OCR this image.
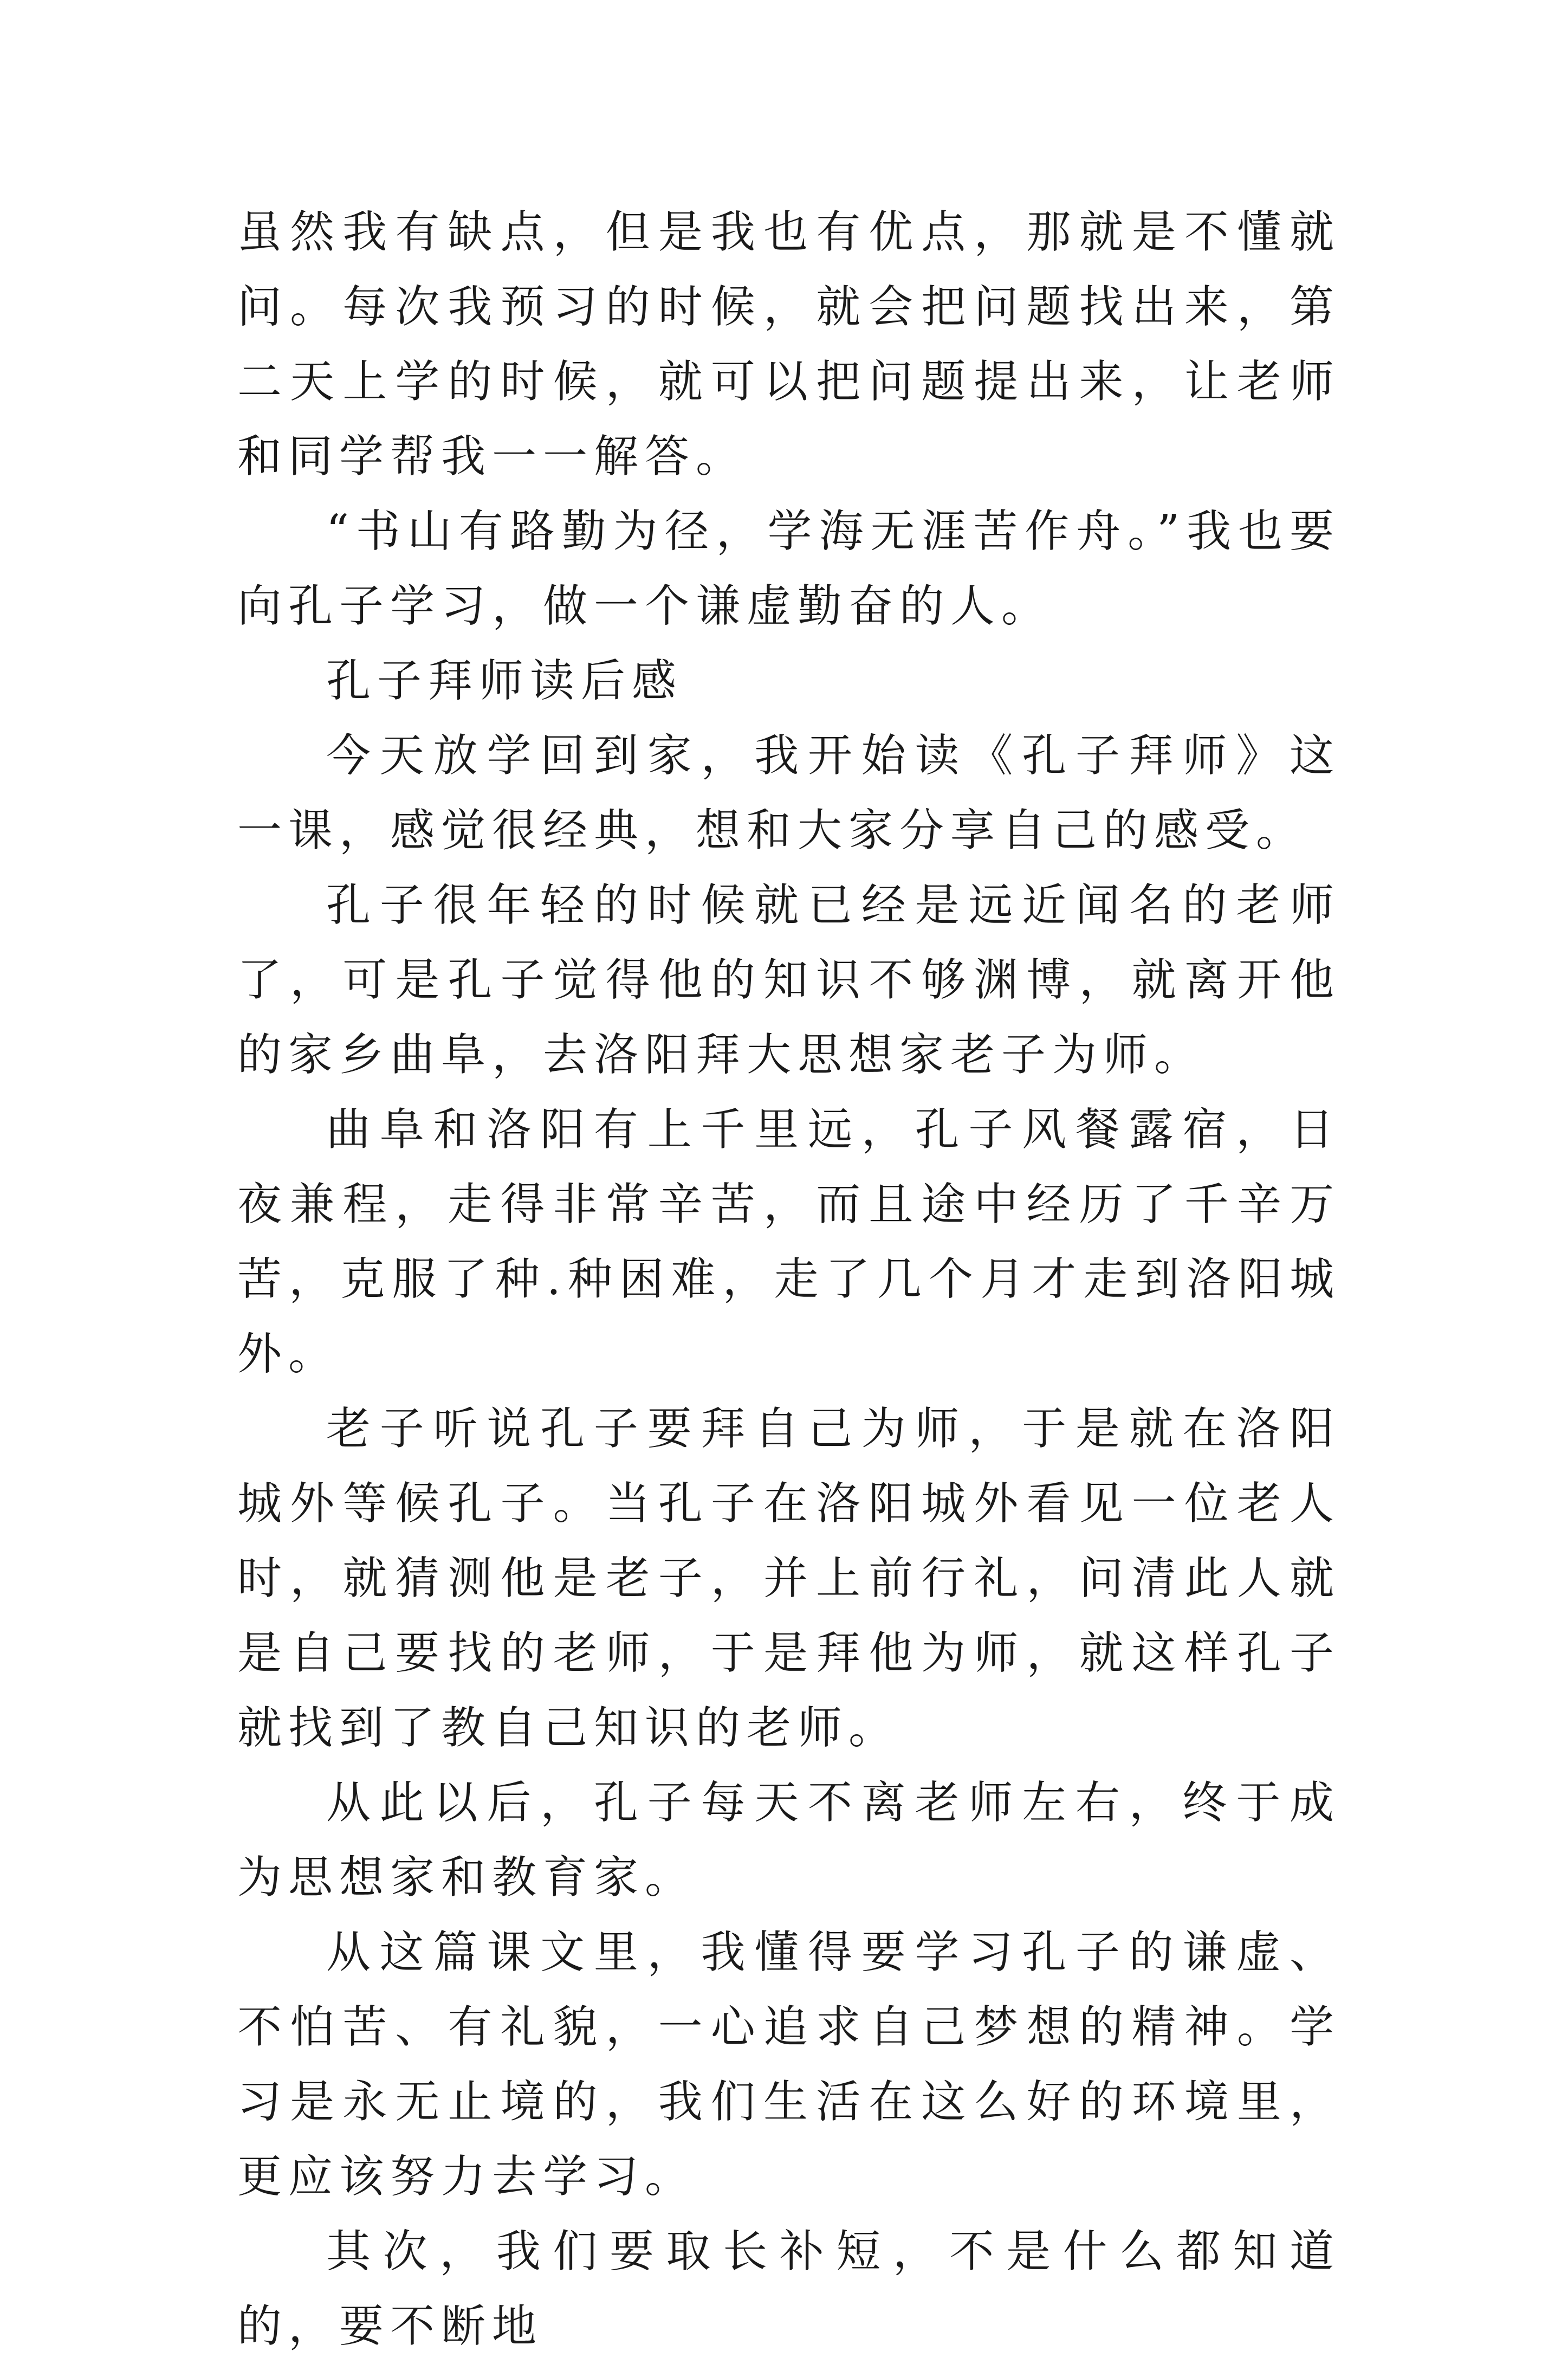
虽然我有缺点，但是我也有优点，那就是不懂就问。每次我预习的时候，就会把问题找出来，第二天上学的时候，就可以把问题提出来，让老师和同学帮我一一解答。

“书山有路勤为径，学海无涯苦作舟。”我也要向孔子学习，做一个谦虚勤奋的人。

孔子拜师读后感

今天放学回到家，我开始读《孔子拜师》这一课，感觉很经典，想和大家分享自己的感受。

孔子很年轻的时候就已经是远近闻名的老师了，可是孔子觉得他的知识不够渊博，就离开他的家乡曲阜，去洛阳拜大思想家老子为师。

曲阜和洛阳有上千里远，孔子风餐露宿，日夜兼程，走得非常辛苦，而且途中经历了千辛万苦，克服了种.种困难，走了几个月才走到洛阳城外。

老子听说孔子要拜自己为师，于是就在洛阳城外等候孔子。当孔子在洛阳城外看见一位老人时，就猜测他是老子，并上前行礼，问清此人就是自己要找的老师，于是拜他为师，就这样孔子就找到了教自己知识的老师。

从此以后，孔子每天不离老师左右，终于成为思想家和教育家。

从这篇课文里，我懂得要学习孔子的谦虚、不怕苦、有礼貌，一心追求自己梦想的精神。学习是永无止境的，我们生活在这么好的环境里，更应该努力去学习。

其次，我们要取长补短，不是什么都知道的，要不断地
